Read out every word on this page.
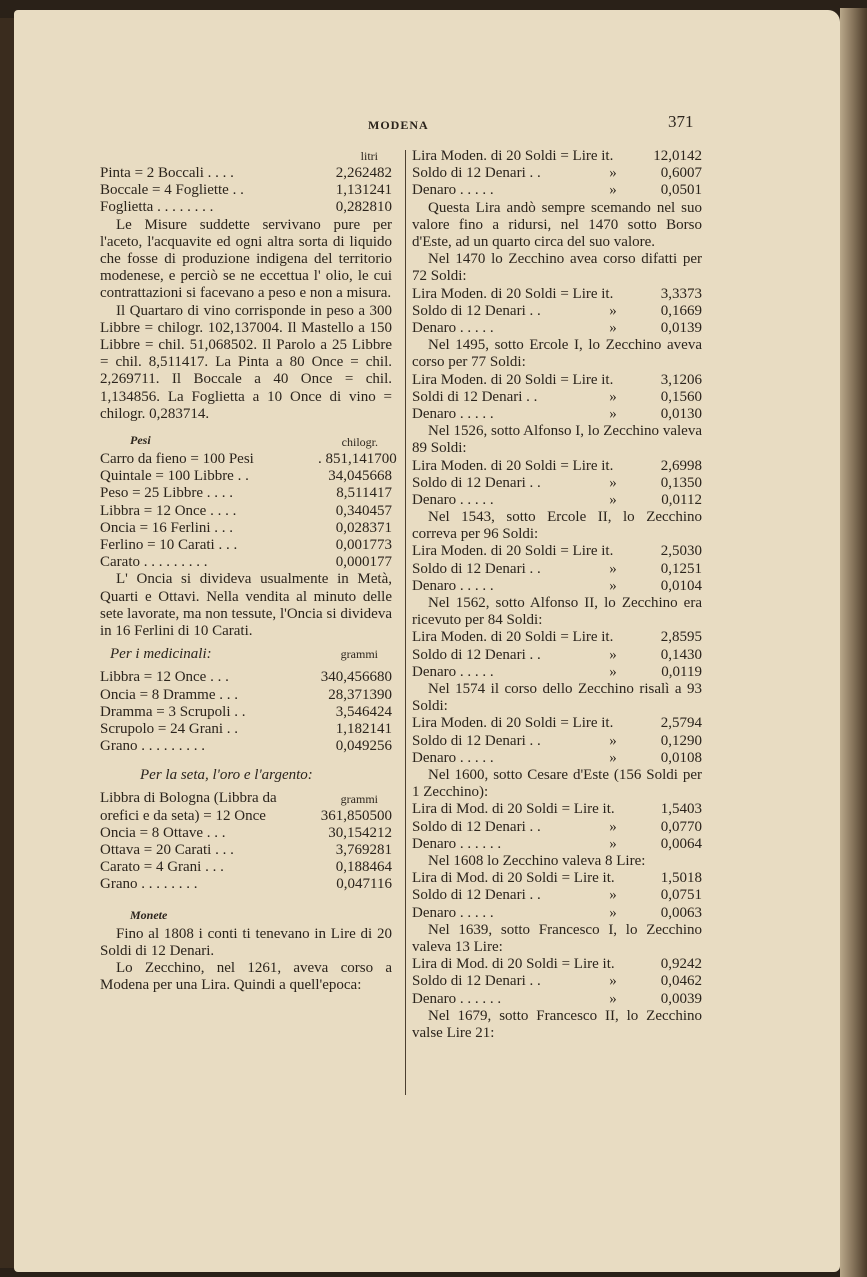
MODENA	371
litri
Pinta = 2 Boccali . . . .	2,262482
Boccale = 4 Fogliette . .	1,131241
Foglietta . . . . . . . .	0,282810

Le Misure suddette servivano pure per l'aceto, l'acquavite ed ogni altra sorta di liquido che fosse di produzione indigena del territorio modenese, e perciò se ne eccettua l' olio, le cui contrattazioni si facevano a peso e non a misura.

Il Quartaro di vino corrisponde in peso a 300 Libbre = chilogr. 102,137004. Il Mastello a 150 Libbre = chil. 51,068502. Il Parolo a 25 Libbre = chil. 8,511417. La Pinta a 80 Once = chil. 2,269711. Il Boccale a 40 Once = chil. 1,134856. La Foglietta a 10 Once di vino = chilogr. 0,283714.

Pesi	chilogr.
Carro da fieno = 100 Pesi	. 851,141700
Quintale = 100 Libbre . .	34,045668
Peso = 25 Libbre . . . .	8,511417
Libbra = 12 Once . . . .	0,340457
Oncia = 16 Ferlini . . .	0,028371
Ferlino = 10 Carati . . .	0,001773
Carato . . . . . . . . .	0,000177

L' Oncia si divideva usualmente in Metà, Quarti e Ottavi. Nella vendita al minuto delle sete lavorate, ma non tessute, l'Oncia si divideva in 16 Ferlini di 10 Carati.

Per i medicinali:	grammi
Libbra = 12 Once . . .	340,456680
Oncia = 8 Dramme . . .	28,371390
Dramma = 3 Scrupoli . .	3,546424
Scrupolo = 24 Grani . .	1,182141
Grano . . . . . . . . .	0,049256
Per la seta, l'oro e l'argento:
Libbra di Bologna (Libbra da	grammi
orefici e da seta) = 12 Once	361,850500
Oncia = 8 Ottave . . .	30,154212
Ottava = 20 Carati . . .	3,769281
Carato = 4 Grani . . .	0,188464
Grano . . . . . . . .	0,047116
Monete

Fino al 1808 i conti ti tenevano in Lire di 20 Soldi di 12 Denari.

Lo Zecchino, nel 1261, aveva corso a Modena per una Lira. Quindi a quell'epoca:

Lira Moden. di 20 Soldi = Lire it.	12,0142
Soldo di 12 Denari . .	»	0,6007
Denaro . . . . .	»	0,0501

Questa Lira andò sempre scemando nel suo valore fino a ridursi, nel 1470 sotto Borso d'Este, ad un quarto circa del suo valore.

Nel 1470 lo Zecchino avea corso difatti per 72 Soldi:

Lira Moden. di 20 Soldi = Lire it.	3,3373
Soldo di 12 Denari . .	»	0,1669
Denaro . . . . .	»	0,0139

Nel 1495, sotto Ercole I, lo Zecchino aveva corso per 77 Soldi:

Lira Moden. di 20 Soldi = Lire it.	3,1206
Soldi di 12 Denari . .	»	0,1560
Denaro . . . . .	»	0,0130

Nel 1526, sotto Alfonso I, lo Zecchino valeva 89 Soldi:

Lira Moden. di 20 Soldi = Lire it.	2,6998
Soldo di 12 Denari . .	»	0,1350
Denaro . . . . .	»	0,0112

Nel 1543, sotto Ercole II, lo Zecchino correva per 96 Soldi:

Lira Moden. di 20 Soldi = Lire it.	2,5030
Soldo di 12 Denari . .	»	0,1251
Denaro . . . . .	»	0,0104

Nel 1562, sotto Alfonso II, lo Zecchino era ricevuto per 84 Soldi:

Lira Moden. di 20 Soldi = Lire it.	2,8595
Soldo di 12 Denari . .	»	0,1430
Denaro . . . . .	»	0,0119

Nel 1574 il corso dello Zecchino risalì a 93 Soldi:

Lira Moden. di 20 Soldi = Lire it.	2,5794
Soldo di 12 Denari . .	»	0,1290
Denaro . . . . .	»	0,0108

Nel 1600, sotto Cesare d'Este (156 Soldi per 1 Zecchino):

Lira di Mod. di 20 Soldi = Lire it.	1,5403
Soldo di 12 Denari . .	»	0,0770
Denaro . . . . . .	»	0,0064

Nel 1608 lo Zecchino valeva 8 Lire:

Lira di Mod. di 20 Soldi = Lire it.	1,5018
Soldo di 12 Denari . .	»	0,0751
Denaro . . . . .	»	0,0063

Nel 1639, sotto Francesco I, lo Zecchino valeva 13 Lire:

Lira di Mod. di 20 Soldi = Lire it.	0,9242
Soldo di 12 Denari . .	»	0,0462
Denaro . . . . . .	»	0,0039

Nel 1679, sotto Francesco II, lo Zecchino valse Lire 21:
